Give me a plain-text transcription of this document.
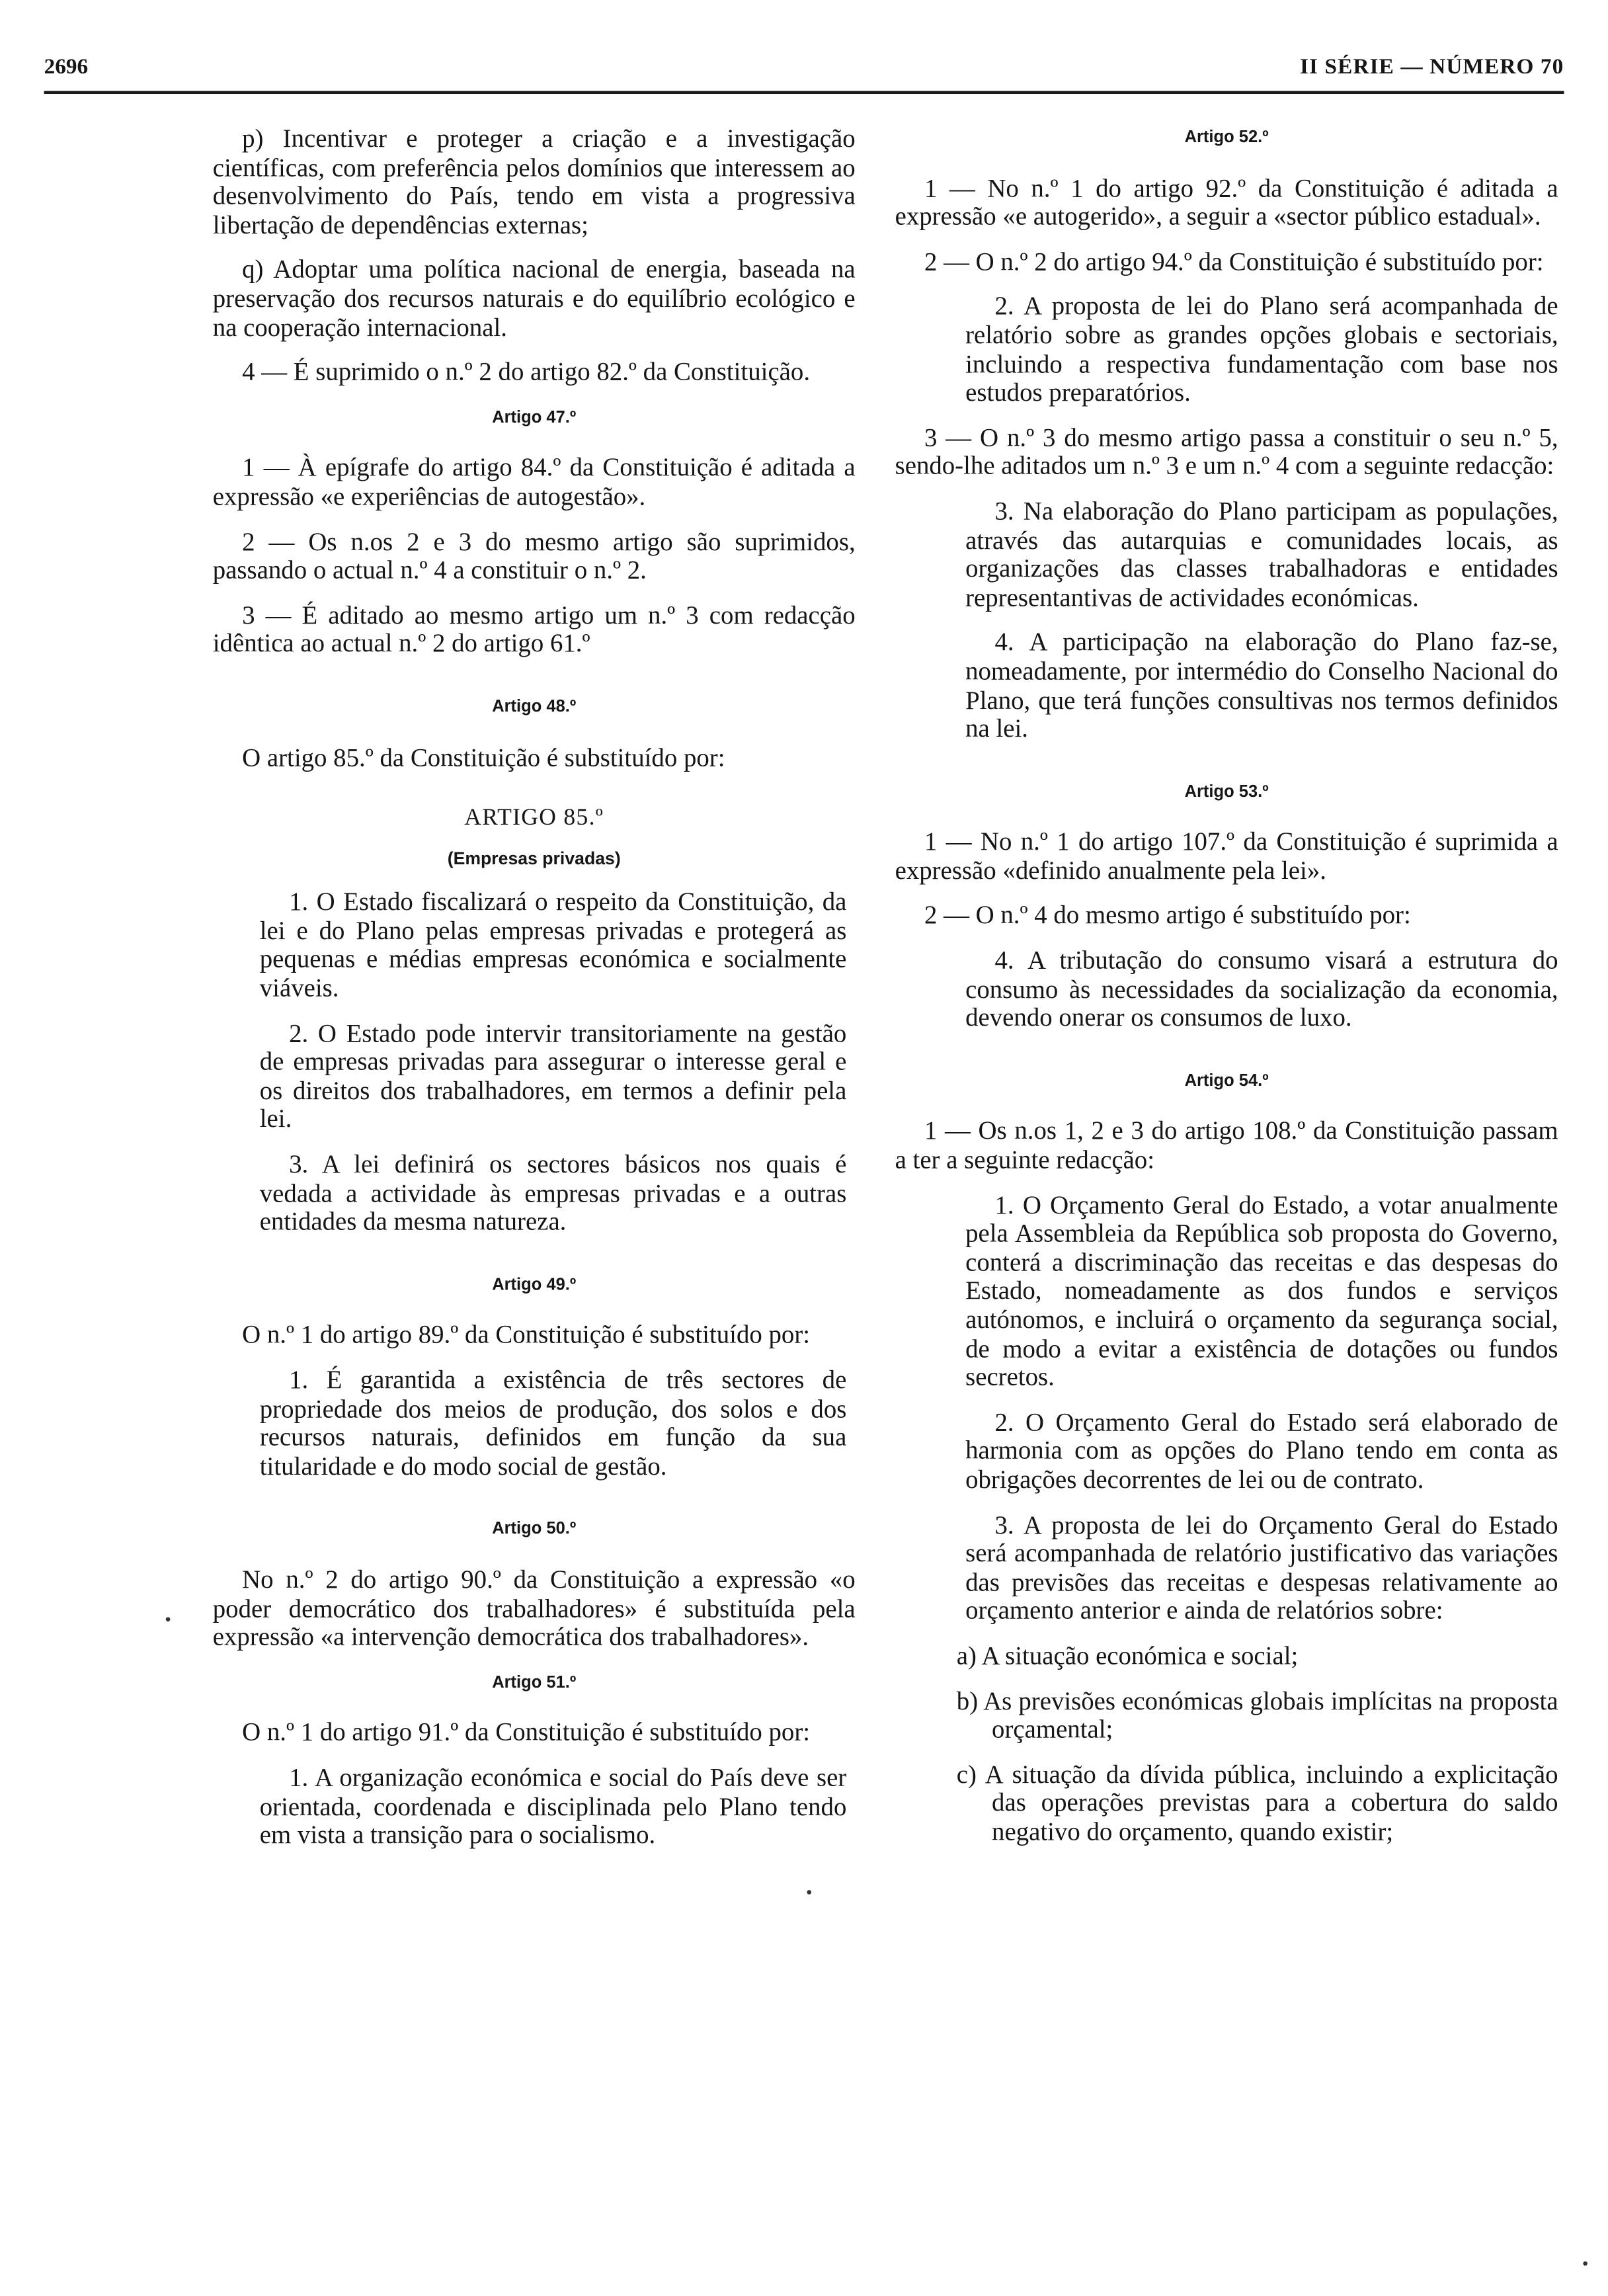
2696	II SÉRIE — NÚMERO 70

p) Incentivar e proteger a criação e a investigação científicas, com preferência pelos domínios que interessem ao desenvolvimento do País, tendo em vista a progressiva libertação de dependências externas;

q) Adoptar uma política nacional de energia, baseada na preservação dos recursos naturais e do equilíbrio ecológico e na cooperação internacional.

4 — É suprimido o n.º 2 do artigo 82.º da Constituição.

Artigo 47.º

1 — À epígrafe do artigo 84.º da Constituição é aditada a expressão «e experiências de autogestão».

2 — Os n.os 2 e 3 do mesmo artigo são suprimidos, passando o actual n.º 4 a constituir o n.º 2.

3 — É aditado ao mesmo artigo um n.º 3 com redacção idêntica ao actual n.º 2 do artigo 61.º

Artigo 48.º

O artigo 85.º da Constituição é substituído por:

ARTIGO 85.º
(Empresas privadas)

1. O Estado fiscalizará o respeito da Constituição, da lei e do Plano pelas empresas privadas e protegerá as pequenas e médias empresas económica e socialmente viáveis.

2. O Estado pode intervir transitoriamente na gestão de empresas privadas para assegurar o interesse geral e os direitos dos trabalhadores, em termos a definir pela lei.

3. A lei definirá os sectores básicos nos quais é vedada a actividade às empresas privadas e a outras entidades da mesma natureza.

Artigo 49.º

O n.º 1 do artigo 89.º da Constituição é substituído por:

1. É garantida a existência de três sectores de propriedade dos meios de produção, dos solos e dos recursos naturais, definidos em função da sua titularidade e do modo social de gestão.

Artigo 50.º

No n.º 2 do artigo 90.º da Constituição a expressão «o poder democrático dos trabalhadores» é substituída pela expressão «a intervenção democrática dos trabalhadores».

Artigo 51.º

O n.º 1 do artigo 91.º da Constituição é substituído por:

1. A organização económica e social do País deve ser orientada, coordenada e disciplinada pelo Plano tendo em vista a transição para o socialismo.

Artigo 52.º

1 — No n.º 1 do artigo 92.º da Constituição é aditada a expressão «e autogerido», a seguir a «sector público estadual».

2 — O n.º 2 do artigo 94.º da Constituição é substituído por:

2. A proposta de lei do Plano será acompanhada de relatório sobre as grandes opções globais e sectoriais, incluindo a respectiva fundamentação com base nos estudos preparatórios.

3 — O n.º 3 do mesmo artigo passa a constituir o seu n.º 5, sendo-lhe aditados um n.º 3 e um n.º 4 com a seguinte redacção:

3. Na elaboração do Plano participam as populações, através das autarquias e comunidades locais, as organizações das classes trabalhadoras e entidades representantivas de actividades económicas.

4. A participação na elaboração do Plano faz-se, nomeadamente, por intermédio do Conselho Nacional do Plano, que terá funções consultivas nos termos definidos na lei.

Artigo 53.º

1 — No n.º 1 do artigo 107.º da Constituição é suprimida a expressão «definido anualmente pela lei».

2 — O n.º 4 do mesmo artigo é substituído por:

4. A tributação do consumo visará a estrutura do consumo às necessidades da socialização da economia, devendo onerar os consumos de luxo.

Artigo 54.º

1 — Os n.os 1, 2 e 3 do artigo 108.º da Constituição passam a ter a seguinte redacção:

1. O Orçamento Geral do Estado, a votar anualmente pela Assembleia da República sob proposta do Governo, conterá a discriminação das receitas e das despesas do Estado, nomeadamente as dos fundos e serviços autónomos, e incluirá o orçamento da segurança social, de modo a evitar a existência de dotações ou fundos secretos.

2. O Orçamento Geral do Estado será elaborado de harmonia com as opções do Plano tendo em conta as obrigações decorrentes de lei ou de contrato.

3. A proposta de lei do Orçamento Geral do Estado será acompanhada de relatório justificativo das variações das previsões das receitas e despesas relativamente ao orçamento anterior e ainda de relatórios sobre:

a) A situação económica e social;

b) As previsões económicas globais implícitas na proposta orçamental;

c) A situação da dívida pública, incluindo a explicitação das operações previstas para a cobertura do saldo negativo do orçamento, quando existir;
